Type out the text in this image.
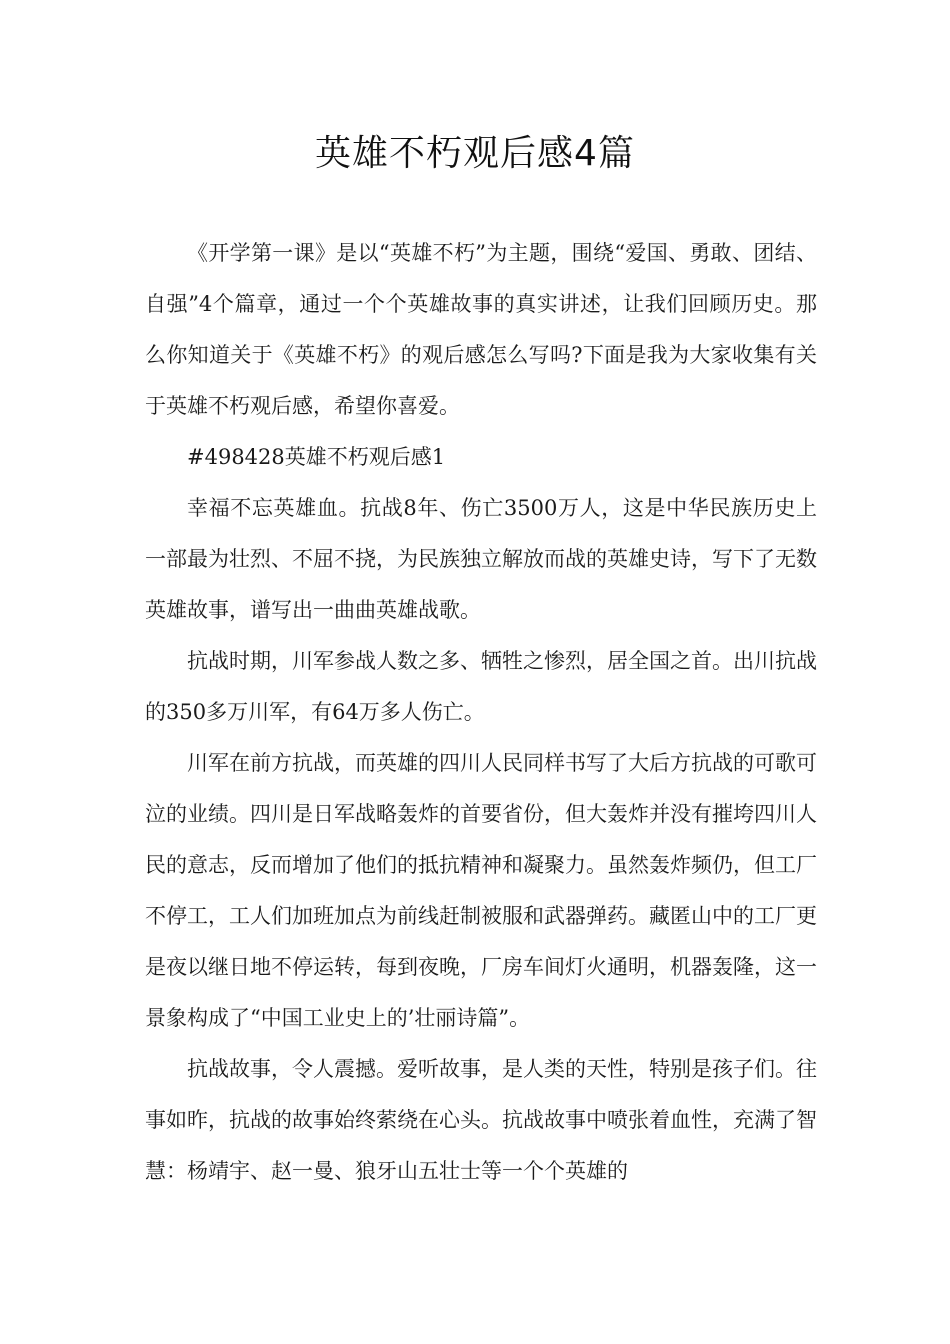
英雄不朽观后感4篇

《开学第一课》是以“英雄不朽”为主题，围绕“爱国、勇敢、团结、自强”4个篇章，通过一个个英雄故事的真实讲述，让我们回顾历史。那么你知道关于《英雄不朽》的观后感怎么写吗?下面是我为大家收集有关于英雄不朽观后感，希望你喜爱。

#498428英雄不朽观后感1

幸福不忘英雄血。抗战8年、伤亡3500万人，这是中华民族历史上一部最为壮烈、不屈不挠，为民族独立解放而战的英雄史诗，写下了无数英雄故事，谱写出一曲曲英雄战歌。

抗战时期，川军参战人数之多、牺牲之惨烈，居全国之首。出川抗战的350多万川军，有64万多人伤亡。

川军在前方抗战，而英雄的四川人民同样书写了大后方抗战的可歌可泣的业绩。四川是日军战略轰炸的首要省份，但大轰炸并没有摧垮四川人民的意志，反而增加了他们的抵抗精神和凝聚力。虽然轰炸频仍，但工厂不停工，工人们加班加点为前线赶制被服和武器弹药。藏匿山中的工厂更是夜以继日地不停运转，每到夜晚，厂房车间灯火通明，机器轰隆，这一景象构成了“中国工业史上的’壮丽诗篇”。

抗战故事，令人震撼。爱听故事，是人类的天性，特别是孩子们。往事如昨，抗战的故事始终萦绕在心头。抗战故事中喷张着血性，充满了智慧：杨靖宇、赵一曼、狼牙山五壮士等一个个英雄的
